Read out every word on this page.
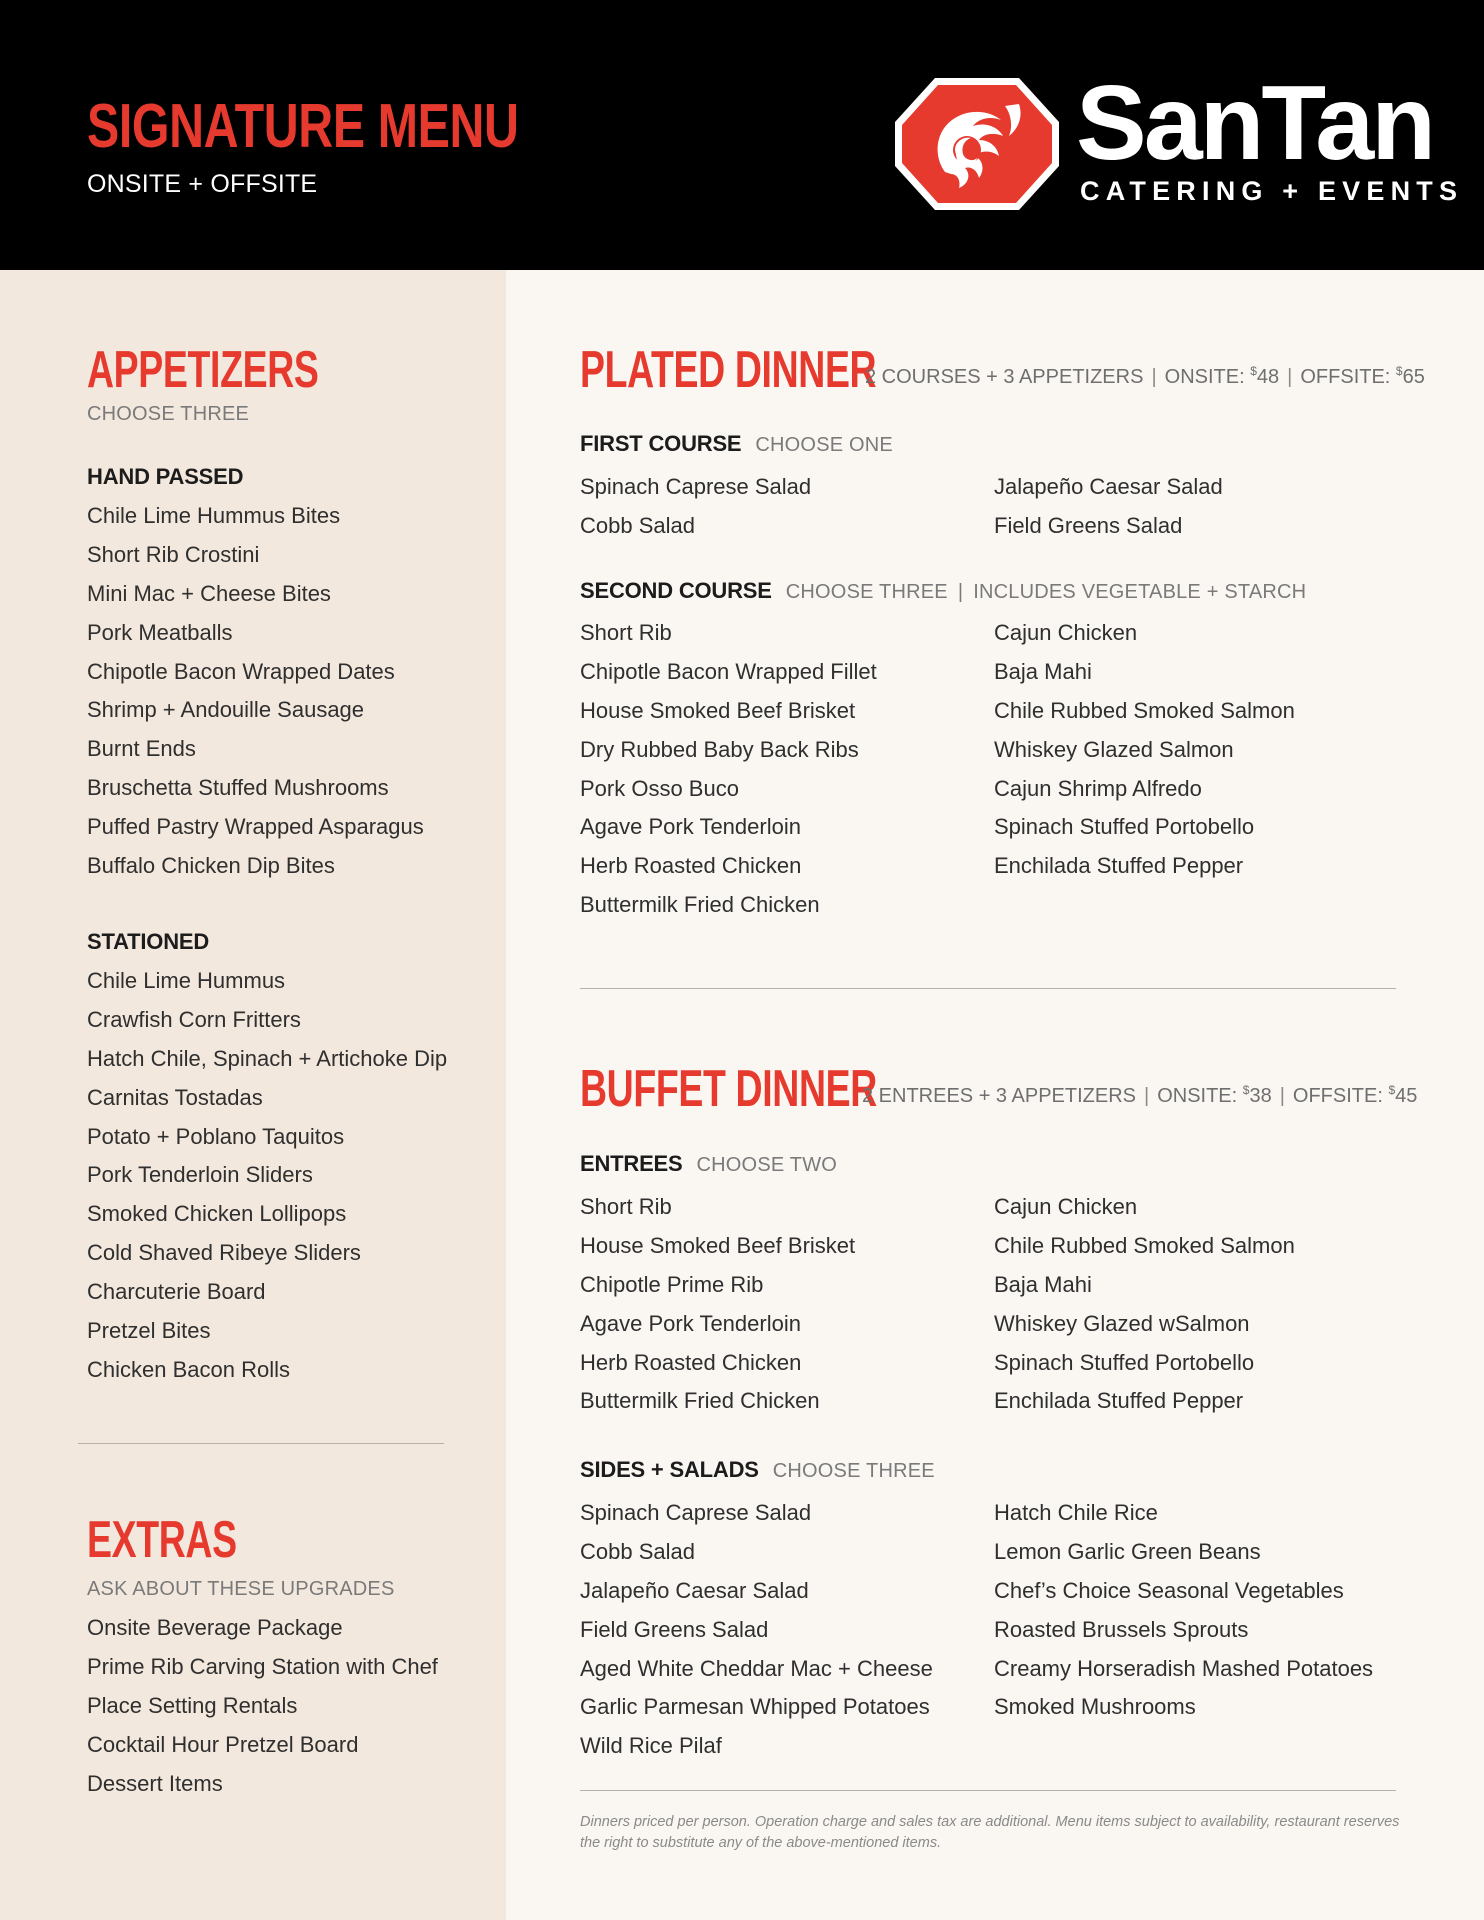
SIGNATURE MENU
ONSITE + OFFSITE
SanTan
CATERING + EVENTS
APPETIZERS
CHOOSE THREE
HAND PASSED
Chile Lime Hummus Bites
Short Rib Crostini
Mini Mac + Cheese Bites
Pork Meatballs
Chipotle Bacon Wrapped Dates
Shrimp + Andouille Sausage
Burnt Ends
Bruschetta Stuffed Mushrooms
Puffed Pastry Wrapped Asparagus
Buffalo Chicken Dip Bites
STATIONED
Chile Lime Hummus
Crawfish Corn Fritters
Hatch Chile, Spinach + Artichoke Dip
Carnitas Tostadas
Potato + Poblano Taquitos
Pork Tenderloin Sliders
Smoked Chicken Lollipops
Cold Shaved Ribeye Sliders
Charcuterie Board
Pretzel Bites
Chicken Bacon Rolls
EXTRAS
ASK ABOUT THESE UPGRADES
Onsite Beverage Package
Prime Rib Carving Station with Chef
Place Setting Rentals
Cocktail Hour Pretzel Board
Dessert Items
PLATED DINNER
2 COURSES + 3 APPETIZERS | ONSITE: $48 | OFFSITE: $65
FIRST COURSE CHOOSE ONE
Spinach Caprese Salad
Cobb Salad
Jalapeño Caesar Salad
Field Greens Salad
SECOND COURSE CHOOSE THREE | INCLUDES VEGETABLE + STARCH
Short Rib
Chipotle Bacon Wrapped Fillet
House Smoked Beef Brisket
Dry Rubbed Baby Back Ribs
Pork Osso Buco
Agave Pork Tenderloin
Herb Roasted Chicken
Buttermilk Fried Chicken
Cajun Chicken
Baja Mahi
Chile Rubbed Smoked Salmon
Whiskey Glazed Salmon
Cajun Shrimp Alfredo
Spinach Stuffed Portobello
Enchilada Stuffed Pepper
BUFFET DINNER
2 ENTREES + 3 APPETIZERS | ONSITE: $38 | OFFSITE: $45
ENTREES CHOOSE TWO
Short Rib
House Smoked Beef Brisket
Chipotle Prime Rib
Agave Pork Tenderloin
Herb Roasted Chicken
Buttermilk Fried Chicken
Cajun Chicken
Chile Rubbed Smoked Salmon
Baja Mahi
Whiskey Glazed wSalmon
Spinach Stuffed Portobello
Enchilada Stuffed Pepper
SIDES + SALADS CHOOSE THREE
Spinach Caprese Salad
Cobb Salad
Jalapeño Caesar Salad
Field Greens Salad
Aged White Cheddar Mac + Cheese
Garlic Parmesan Whipped Potatoes
Wild Rice Pilaf
Hatch Chile Rice
Lemon Garlic Green Beans
Chef’s Choice Seasonal Vegetables
Roasted Brussels Sprouts
Creamy Horseradish Mashed Potatoes
Smoked Mushrooms
Dinners priced per person. Operation charge and sales tax are additional. Menu items subject to availability, restaurant reserves the right to substitute any of the above-mentioned items.
